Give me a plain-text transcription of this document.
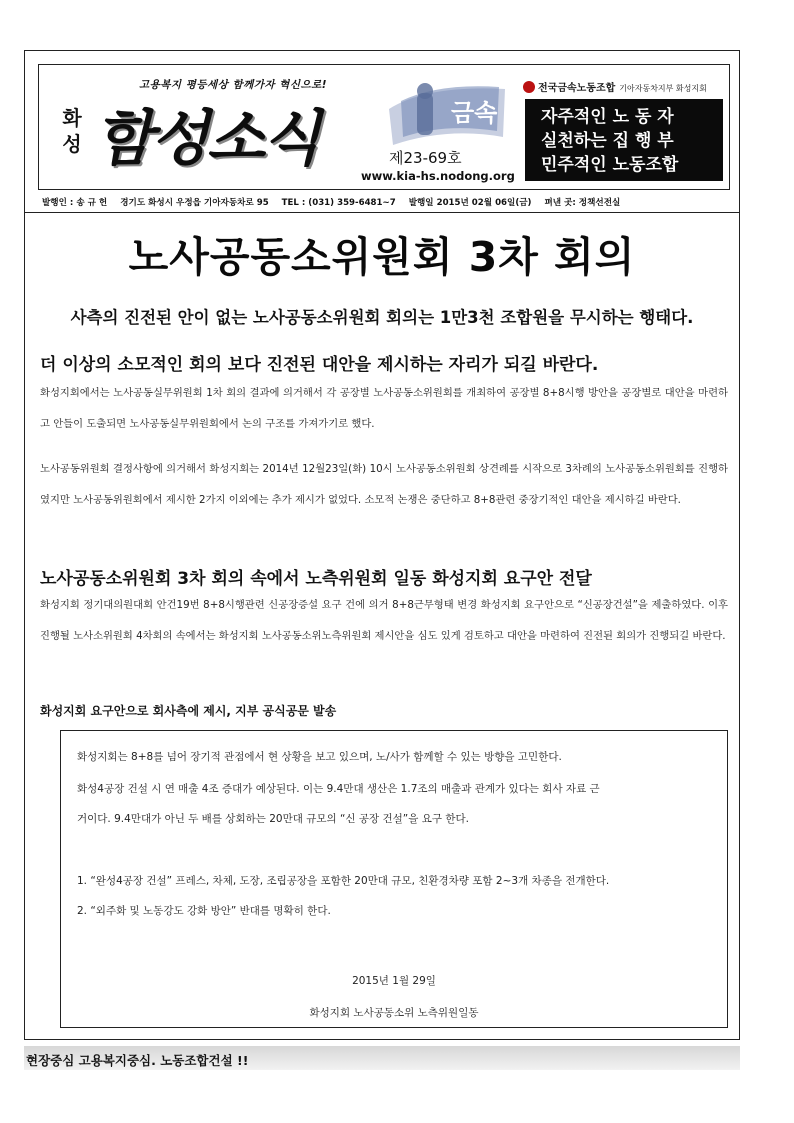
고용복지 평등세상 함께가자 혁신으로!
화
성 함성소식	금속
제23-69호
www.kia-hs.nodong.org
전국금속노동조합 기아자동차지부 화성지회
자주적인 노 동 자
실천하는 집 행 부
민주적인 노동조합
발행인 : 송 규 헌 경기도 화성시 우정읍 기아자동차로 95 TEL : (031) 359-6481~7 발행일 2015년 02월 06일(금) 펴낸 곳: 정책선전실
노사공동소위원회 3차 회의
사측의 진전된 안이 없는 노사공동소위원회 회의는 1만3천 조합원을 무시하는 행태다.
더 이상의 소모적인 회의 보다 진전된 대안을 제시하는 자리가 되길 바란다.
화성지회에서는 노사공동실무위원회 1차 회의 결과에 의거해서 각 공장별 노사공동소위원회를 개최하여 공장별 8+8시행 방안을 공장별로 대안을 마련하고 안들이 도출되면 노사공동실무위원회에서 논의 구조를 가져가기로 했다.
노사공동위원회 결정사항에 의거해서 화성지회는 2014년 12월23일(화) 10시 노사공동소위원회 상견례를 시작으로 3차례의 노사공동소위원회를 진행하였지만 노사공동위원회에서 제시한 2가지 이외에는 추가 제시가 없었다. 소모적 논쟁은 중단하고 8+8관련 중장기적인 대안을 제시하길 바란다.
노사공동소위원회 3차 회의 속에서 노측위원회 일동 화성지회 요구안 전달
화성지회 정기대의원대회 안건19번 8+8시행관련 신공장증설 요구 건에 의거 8+8근무형태 변경 화성지회 요구안으로 “신공장건설”을 제출하였다. 이후 진행될 노사소위원회 4차회의 속에서는 화성지회 노사공동소위노측위원회 제시안을 심도 있게 검토하고 대안을 마련하여 진전된 회의가 진행되길 바란다.
화성지회 요구안으로 회사측에 제시, 지부 공식공문 발송
화성지회는 8+8를 넘어 장기적 관점에서 현 상황을 보고 있으며, 노/사가 함께할 수 있는 방향을 고민한다.
화성4공장 건설 시 연 매출 4조 증대가 예상된다. 이는 9.4만대 생산은 1.7조의 매출과 관계가 있다는 회사 자료 근
거이다. 9.4만대가 아닌 두 배를 상회하는 20만대 규모의 “신 공장 건설”을 요구 한다.
1. “완성4공장 건설” 프레스, 차체, 도장, 조립공장을 포함한 20만대 규모, 친환경차량 포함 2~3개 차종을 전개한다.
2. “외주화 및 노동강도 강화 방안” 반대를 명확히 한다.
2015년 1월 29일
화성지회 노사공동소위 노측위원일동
현장중심 고용복지중심. 노동조합건설 !!
